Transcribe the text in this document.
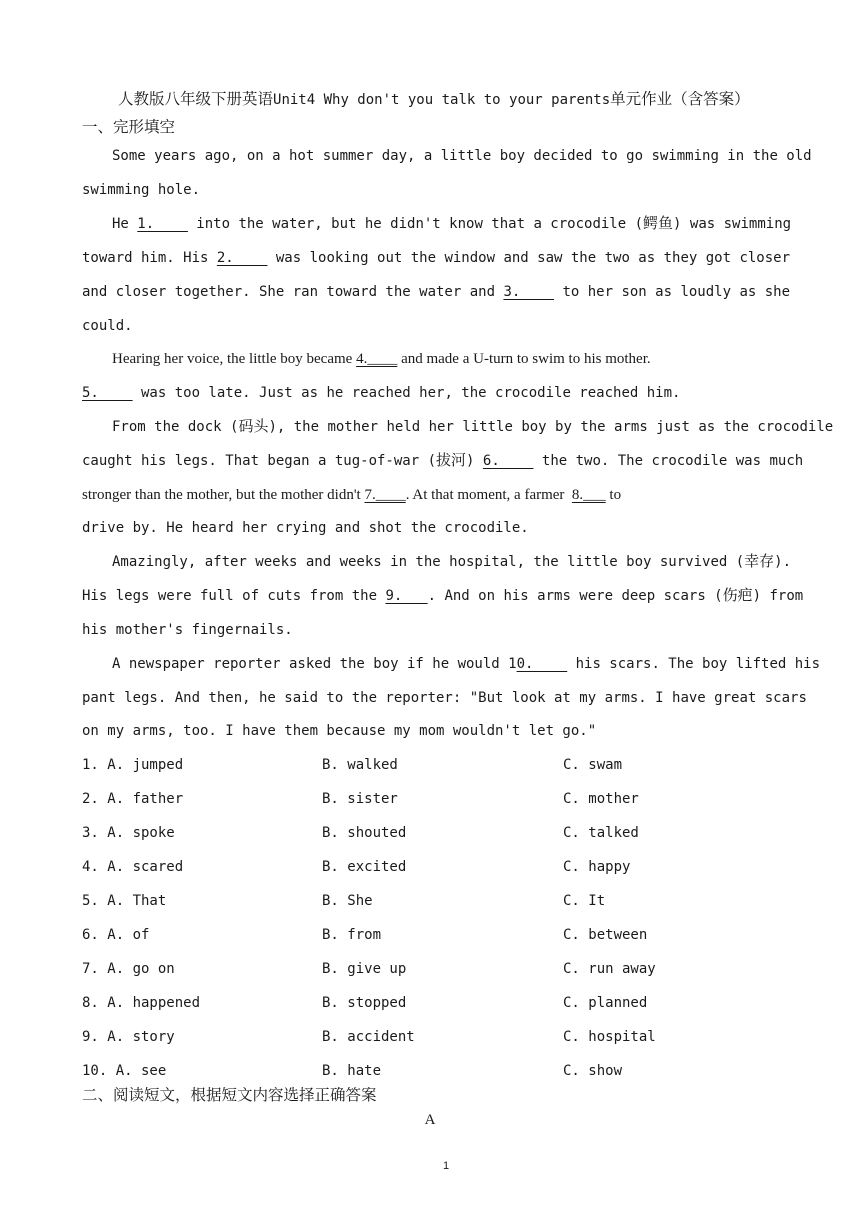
人教版八年级下册英语Unit4 Why don't you talk to your parents单元作业（含答案）
一、完形填空
Some years ago, on a hot summer day, a little boy decided to go swimming in the old
swimming hole.
He 1.____ into the water, but he didn't know that a crocodile (鳄鱼) was swimming
toward him. His 2.____ was looking out the window and saw the two as they got closer
and closer together. She ran toward the water and 3.____ to her son as loudly as she
could.
Hearing her voice, the little boy became 4.____ and made a U-turn to swim to his mother.
5.____ was too late. Just as he reached her, the crocodile reached him.
From the dock (码头), the mother held her little boy by the arms just as the crocodile
caught his legs. That began a tug-of-war (拔河) 6.____ the two. The crocodile was much
stronger than the mother, but the mother didn't 7.____. At that moment, a farmer  8.___ to
drive by. He heard her crying and shot the crocodile.
Amazingly, after weeks and weeks in the hospital, the little boy survived (幸存).
His legs were full of cuts from the 9.___. And on his arms were deep scars (伤疤) from
his mother's fingernails.
A newspaper reporter asked the boy if he would 10.____ his scars. The boy lifted his
pant legs. And then, he said to the reporter: "But look at my arms. I have great scars
on my arms, too. I have them because my mom wouldn't let go."
1. A. jumped	B. walked	C. swam
2. A. father	B. sister	C. mother
3. A. spoke	B. shouted	C. talked
4. A. scared	B. excited	C. happy
5. A. That	B. She	C. It
6. A. of	B. from	C. between
7. A. go on	B. give up	C. run away
8. A. happened	B. stopped	C. planned
9. A. story	B. accident	C. hospital
10. A. see	B. hate	C. show
二、阅读短文，根据短文内容选择正确答案
A
1
